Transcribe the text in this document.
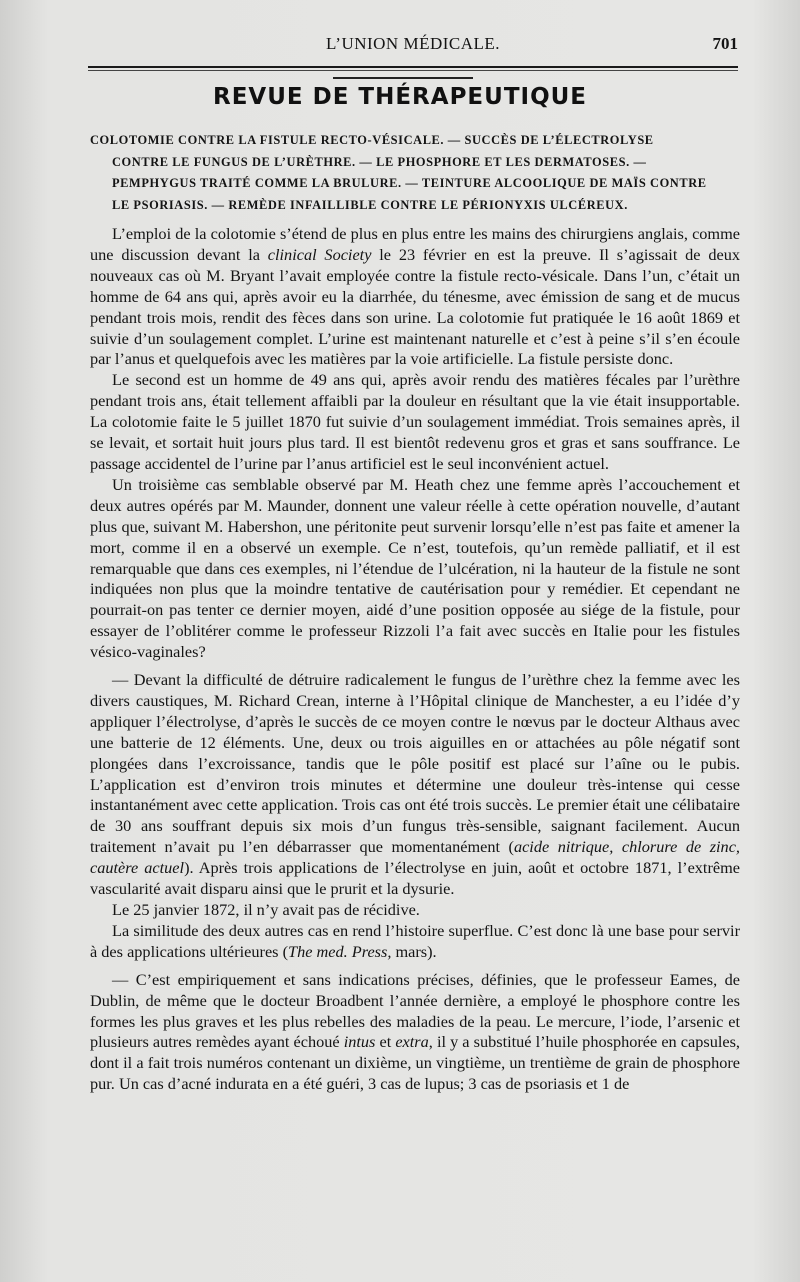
L’UNION MÉDICALE.	701
REVUE DE THÉRAPEUTIQUE
COLOTOMIE CONTRE LA FISTULE RECTO-VÉSICALE. — SUCCÈS DE L’ÉLECTROLYSE
CONTRE LE FUNGUS DE L’URÈTHRE. — LE PHOSPHORE ET LES DERMATOSES. —
PEMPHYGUS TRAITÉ COMME LA BRULURE. — TEINTURE ALCOOLIQUE DE MAÏS CONTRE
LE PSORIASIS. — REMÈDE INFAILLIBLE CONTRE LE PÉRIONYXIS ULCÉREUX.

L’emploi de la colotomie s’étend de plus en plus entre les mains des chirurgiens anglais, comme une discussion devant la clinical Society le 23 février en est la preuve. Il s’agissait de deux nouveaux cas où M. Bryant l’avait employée contre la fistule recto-vésicale. Dans l’un, c’était un homme de 64 ans qui, après avoir eu la diarrhée, du ténesme, avec émission de sang et de mucus pendant trois mois, rendit des fèces dans son urine. La colotomie fut pratiquée le 16 août 1869 et suivie d’un soulagement complet. L’urine est maintenant naturelle et c’est à peine s’il s’en écoule par l’anus et quelquefois avec les matières par la voie artificielle. La fistule persiste donc.

Le second est un homme de 49 ans qui, après avoir rendu des matières fécales par l’urèthre pendant trois ans, était tellement affaibli par la douleur en résultant que la vie était insupportable. La colotomie faite le 5 juillet 1870 fut suivie d’un soulagement immédiat. Trois semaines après, il se levait, et sortait huit jours plus tard. Il est bientôt redevenu gros et gras et sans souffrance. Le passage accidentel de l’urine par l’anus artificiel est le seul inconvénient actuel.

Un troisième cas semblable observé par M. Heath chez une femme après l’accouchement et deux autres opérés par M. Maunder, donnent une valeur réelle à cette opération nouvelle, d’autant plus que, suivant M. Habershon, une péritonite peut survenir lorsqu’elle n’est pas faite et amener la mort, comme il en a observé un exemple. Ce n’est, toutefois, qu’un remède palliatif, et il est remarquable que dans ces exemples, ni l’étendue de l’ulcération, ni la hauteur de la fistule ne sont indiquées non plus que la moindre tentative de cautérisation pour y remédier. Et cependant ne pourrait-on pas tenter ce dernier moyen, aidé d’une position opposée au siége de la fistule, pour essayer de l’oblitérer comme le professeur Rizzoli l’a fait avec succès en Italie pour les fistules vésico-vaginales?

— Devant la difficulté de détruire radicalement le fungus de l’urèthre chez la femme avec les divers caustiques, M. Richard Crean, interne à l’Hôpital clinique de Manchester, a eu l’idée d’y appliquer l’électrolyse, d’après le succès de ce moyen contre le nœvus par le docteur Althaus avec une batterie de 12 éléments. Une, deux ou trois aiguilles en or attachées au pôle négatif sont plongées dans l’excroissance, tandis que le pôle positif est placé sur l’aîne ou le pubis. L’application est d’environ trois minutes et détermine une douleur très-intense qui cesse instantanément avec cette application. Trois cas ont été trois succès. Le premier était une célibataire de 30 ans souffrant depuis six mois d’un fungus très-sensible, saignant facilement. Aucun traitement n’avait pu l’en débarrasser que momentanément (acide nitrique, chlorure de zinc, cautère actuel). Après trois applications de l’électrolyse en juin, août et octobre 1871, l’extrême vascularité avait disparu ainsi que le prurit et la dysurie.

Le 25 janvier 1872, il n’y avait pas de récidive.

La similitude des deux autres cas en rend l’histoire superflue. C’est donc là une base pour servir à des applications ultérieures (The med. Press, mars).

— C’est empiriquement et sans indications précises, définies, que le professeur Eames, de Dublin, de même que le docteur Broadbent l’année dernière, a employé le phosphore contre les formes les plus graves et les plus rebelles des maladies de la peau. Le mercure, l’iode, l’arsenic et plusieurs autres remèdes ayant échoué intus et extra, il y a substitué l’huile phosphorée en capsules, dont il a fait trois numéros contenant un dixième, un vingtième, un trentième de grain de phosphore pur. Un cas d’acné indurata en a été guéri, 3 cas de lupus; 3 cas de psoriasis et 1 de
